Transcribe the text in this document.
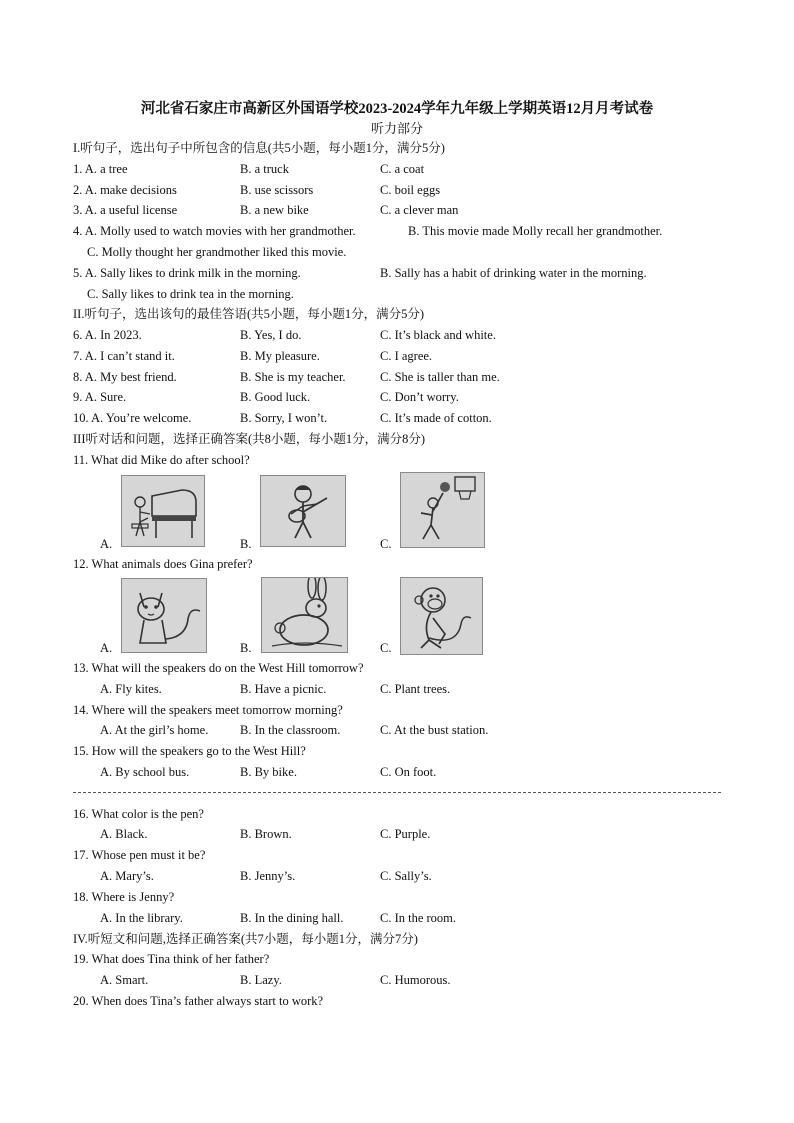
河北省石家庄市高新区外国语学校2023-2024学年九年级上学期英语12月月考试卷
听力部分
I.听句子，选出句子中所包含的信息(共5小题，每小题1分，满分5分)
1. A. a tree	B. a truck	C. a coat
2. A. make decisions	B. use scissors	C. boil eggs
3. A. a useful license	B. a new bike	C. a clever man
4. A. Molly used to watch movies with her grandmother.	B. This movie made Molly recall her grandmother.
C. Molly thought her grandmother liked this movie.
5. A. Sally likes to drink milk in the morning.	B. Sally has a habit of drinking water in the morning.
C. Sally likes to drink tea in the morning.
II.听句子，选出该句的最佳答语(共5小题，每小题1分，满分5分)
6. A. In 2023.	B. Yes, I do.	C. It’s black and white.
7. A. I can’t stand it.	B. My pleasure.	C. I agree.
8. A. My best friend.	B. She is my teacher.	C. She is taller than me.
9. A. Sure.	B. Good luck.	C. Don’t worry.
10. A. You’re welcome.	B. Sorry, I won’t.	C. It’s made of cotton.
III听对话和问题，选择正确答案(共8小题，每小题1分，满分8分)
11. What did Mike do after school?
A.	B.	C.
12. What animals does Gina prefer?
A.	B.	C.
13. What will the speakers do on the West Hill tomorrow?
A. Fly kites.	B. Have a picnic.	C. Plant trees.
14. Where will the speakers meet tomorrow morning?
A. At the girl’s home.	B. In the classroom.	C. At the bust station.
15. How will the speakers go to the West Hill?
A. By school bus.	B. By bike.	C. On foot.
16. What color is the pen?
A. Black.	B. Brown.	C. Purple.
17. Whose pen must it be?
A. Mary’s.	B. Jenny’s.	C. Sally’s.
18. Where is Jenny?
A. In the library.	B. In the dining hall.	C. In the room.
IV.听短文和问题,选择正确答案(共7小题，每小题1分，满分7分)
19. What does Tina think of her father?
A. Smart.	B. Lazy.	C. Humorous.
20. When does Tina’s father always start to work?
